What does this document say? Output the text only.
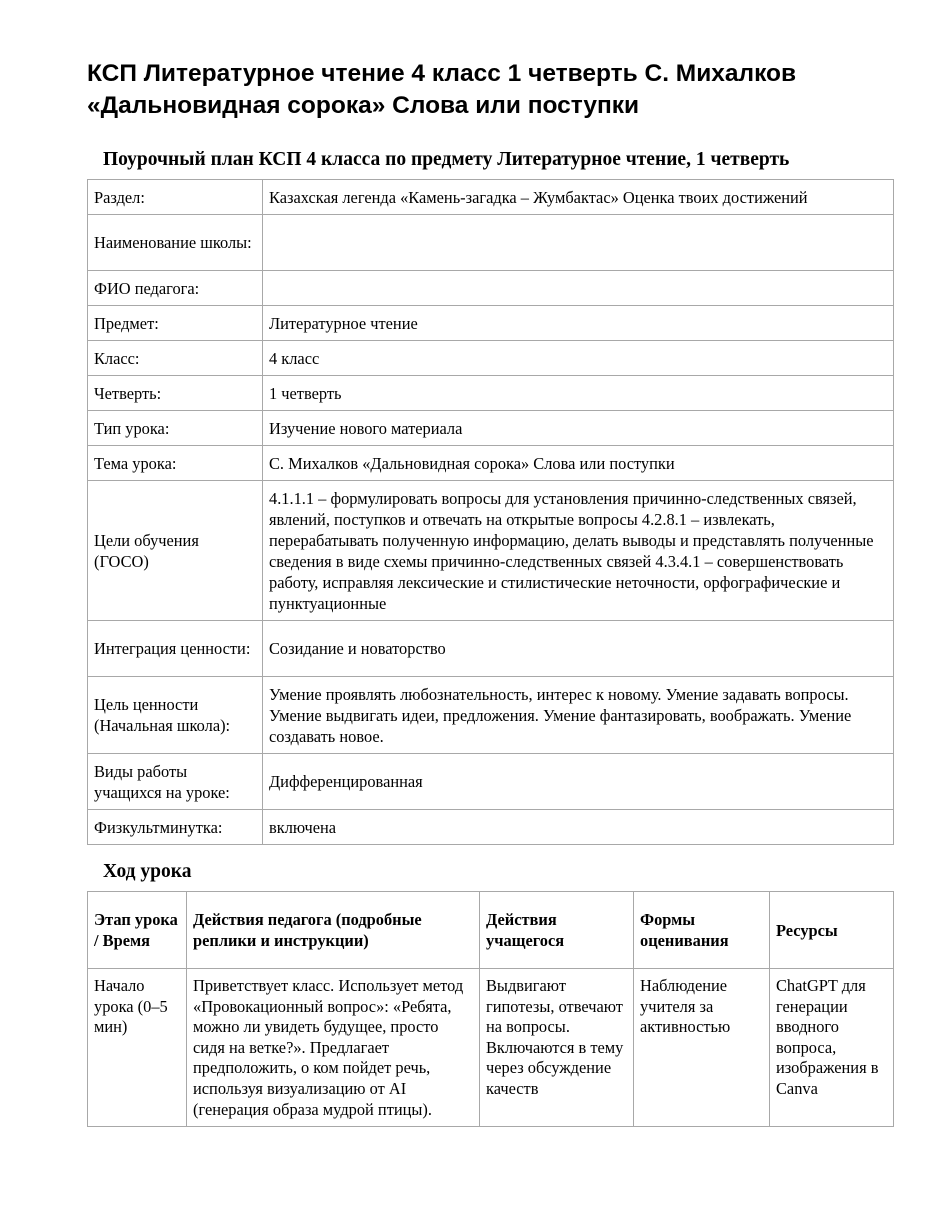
КСП Литературное чтение 4 класс 1 четверть С. Михалков «Дальновидная сорока» Слова или поступки
Поурочный план КСП 4 класса по предмету Литературное чтение, 1 четверть
Раздел:	Казахская легенда «Камень-загадка – Жумбактас» Оценка твоих достижений
Наименование школы:	
ФИО педагога:	
Предмет:	Литературное чтение
Класс:	4 класс
Четверть:	1 четверть
Тип урока:	Изучение нового материала
Тема урока:	С. Михалков «Дальновидная сорока» Слова или поступки
Цели обучения (ГОСО)	4.1.1.1 – формулировать вопросы для установления причинно-следственных связей, явлений, поступков и отвечать на открытые вопросы 4.2.8.1 – извлекать, перерабатывать полученную информацию, делать выводы и представлять полученные сведения в виде схемы причинно-следственных связей 4.3.4.1 – совершенствовать работу, исправляя лексические и стилистические неточности, орфографические и пунктуационные
Интеграция ценности:	Созидание и новаторство
Цель ценности (Начальная школа):	Умение проявлять любознательность, интерес к новому. Умение задавать вопросы. Умение выдвигать идеи, предложения. Умение фантазировать, воображать. Умение создавать новое.
Виды работы учащихся на уроке:	Дифференцированная
Физкультминутка:	включена
Ход урока
Этап урока / Время	Действия педагога (подробные реплики и инструкции)	Действия учащегося	Формы оценивания	Ресурсы
Начало урока (0–5 мин)	Приветствует класс. Использует метод «Провокационный вопрос»: «Ребята, можно ли увидеть будущее, просто сидя на ветке?». Предлагает предположить, о ком пойдет речь, используя визуализацию от AI (генерация образа мудрой птицы).	Выдвигают гипотезы, отвечают на вопросы. Включаются в тему через обсуждение качеств	Наблюдение учителя за активностью	ChatGPT для генерации вводного вопроса, изображения в Canva
